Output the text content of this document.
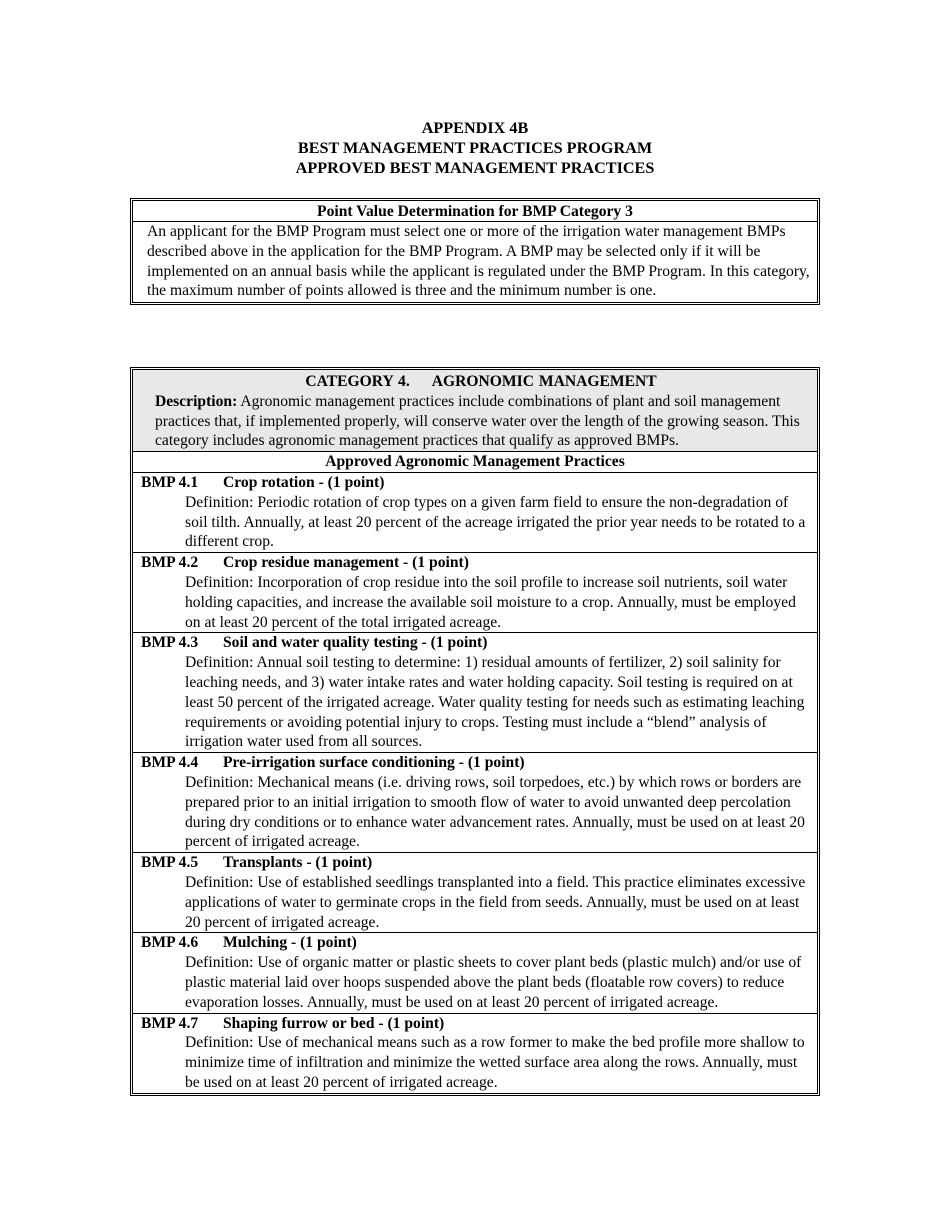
APPENDIX 4B
BEST MANAGEMENT PRACTICES PROGRAM
APPROVED BEST MANAGEMENT PRACTICES
Point Value Determination for BMP Category 3
An applicant for the BMP Program must select one or more of the irrigation water management BMPs described above in the application for the BMP Program. A BMP may be selected only if it will be implemented on an annual basis while the applicant is regulated under the BMP Program. In this category, the maximum number of points allowed is three and the minimum number is one.
CATEGORY 4. AGRONOMIC MANAGEMENT
Description: Agronomic management practices include combinations of plant and soil management practices that, if implemented properly, will conserve water over the length of the growing season. This category includes agronomic management practices that qualify as approved BMPs.
Approved Agronomic Management Practices
BMP 4.1 Crop rotation - (1 point)
Definition: Periodic rotation of crop types on a given farm field to ensure the non-degradation of soil tilth. Annually, at least 20 percent of the acreage irrigated the prior year needs to be rotated to a different crop.
BMP 4.2 Crop residue management - (1 point)
Definition: Incorporation of crop residue into the soil profile to increase soil nutrients, soil water holding capacities, and increase the available soil moisture to a crop. Annually, must be employed on at least 20 percent of the total irrigated acreage.
BMP 4.3 Soil and water quality testing - (1 point)
Definition: Annual soil testing to determine: 1) residual amounts of fertilizer, 2) soil salinity for leaching needs, and 3) water intake rates and water holding capacity. Soil testing is required on at least 50 percent of the irrigated acreage. Water quality testing for needs such as estimating leaching requirements or avoiding potential injury to crops. Testing must include a “blend” analysis of irrigation water used from all sources.
BMP 4.4 Pre-irrigation surface conditioning - (1 point)
Definition: Mechanical means (i.e. driving rows, soil torpedoes, etc.) by which rows or borders are prepared prior to an initial irrigation to smooth flow of water to avoid unwanted deep percolation during dry conditions or to enhance water advancement rates. Annually, must be used on at least 20 percent of irrigated acreage.
BMP 4.5 Transplants - (1 point)
Definition: Use of established seedlings transplanted into a field. This practice eliminates excessive applications of water to germinate crops in the field from seeds. Annually, must be used on at least 20 percent of irrigated acreage.
BMP 4.6 Mulching - (1 point)
Definition: Use of organic matter or plastic sheets to cover plant beds (plastic mulch) and/or use of plastic material laid over hoops suspended above the plant beds (floatable row covers) to reduce evaporation losses. Annually, must be used on at least 20 percent of irrigated acreage.
BMP 4.7 Shaping furrow or bed - (1 point)
Definition: Use of mechanical means such as a row former to make the bed profile more shallow to minimize time of infiltration and minimize the wetted surface area along the rows. Annually, must be used on at least 20 percent of irrigated acreage.
